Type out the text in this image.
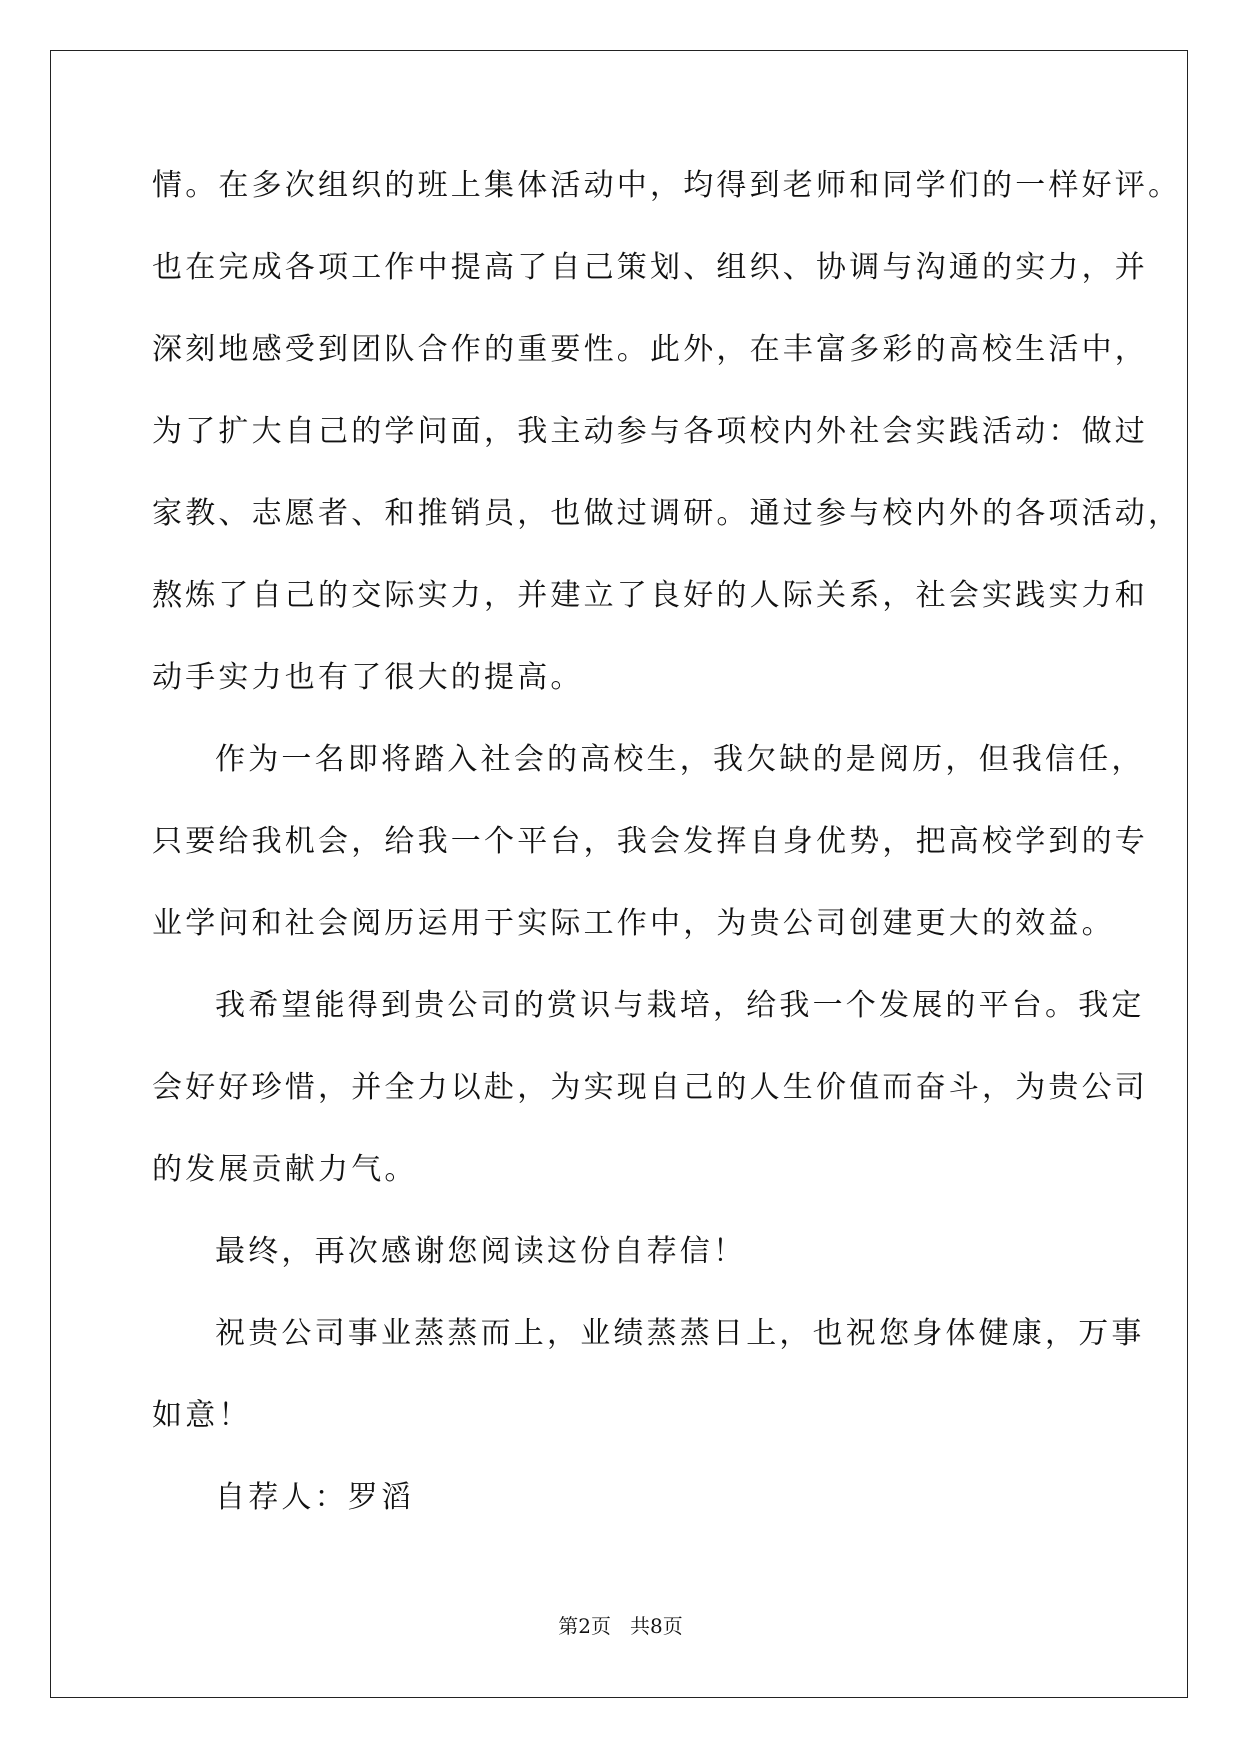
情。在多次组织的班上集体活动中，均得到老师和同学们的一样好评。
也在完成各项工作中提高了自己策划、组织、协调与沟通的实力，并
深刻地感受到团队合作的重要性。此外，在丰富多彩的高校生活中，
为了扩大自己的学问面，我主动参与各项校内外社会实践活动：做过
家教、志愿者、和推销员，也做过调研。通过参与校内外的各项活动，
熬炼了自己的交际实力，并建立了良好的人际关系，社会实践实力和
动手实力也有了很大的提高。
作为一名即将踏入社会的高校生，我欠缺的是阅历，但我信任，
只要给我机会，给我一个平台，我会发挥自身优势，把高校学到的专
业学问和社会阅历运用于实际工作中，为贵公司创建更大的效益。
我希望能得到贵公司的赏识与栽培，给我一个发展的平台。我定
会好好珍惜，并全力以赴，为实现自己的人生价值而奋斗，为贵公司
的发展贡献力气。
最终，再次感谢您阅读这份自荐信！
祝贵公司事业蒸蒸而上，业绩蒸蒸日上，也祝您身体健康，万事
如意！
自荐人：罗滔
第2页   共8页
